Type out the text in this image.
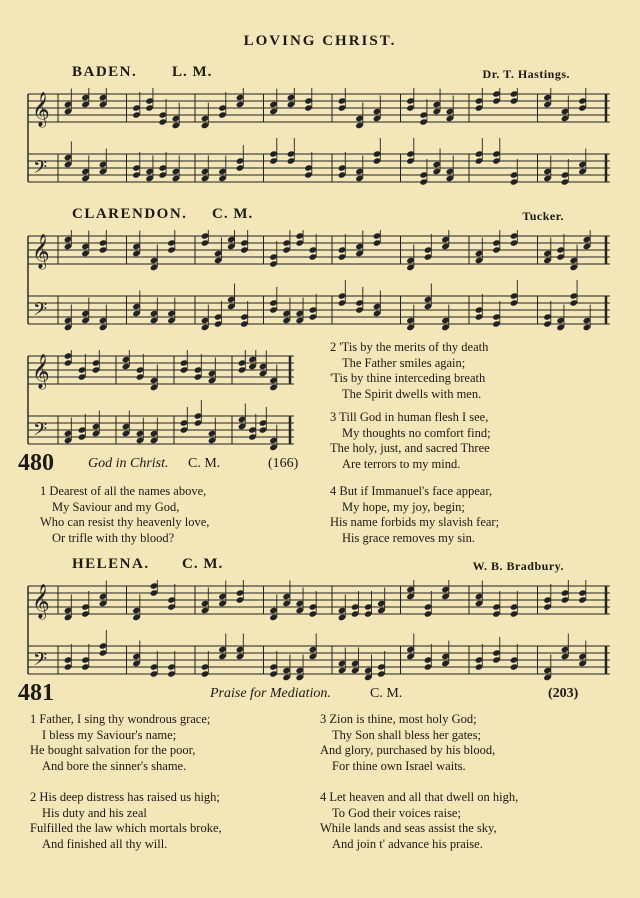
LOVING CHRIST.
BADEN. L. M.	Dr. T. Hastings.
𝄞
𝄢
CLARENDON. C. M.	Tucker.
𝄞
𝄢
𝄞
𝄢
480 God in Christ. C. M.	(166)
1 Dearest of all the names above,
My Saviour and my God,
Who can resist thy heavenly love,
Or trifle with thy blood?
2 'Tis by the merits of thy death
The Father smiles again;
'Tis by thine interceding breath
The Spirit dwells with men.
3 Till God in human flesh I see,
My thoughts no comfort find;
The holy, just, and sacred Three
Are terrors to my mind.
4 But if Immanuel's face appear,
My hope, my joy, begin;
His name forbids my slavish fear;
His grace removes my sin.
HELENA. C. M.	W. B. Bradbury.
𝄞
𝄢
481	Praise for Mediation.	C. M.	(203)
1 Father, I sing thy wondrous grace;
I bless my Saviour's name;
He bought salvation for the poor,
And bore the sinner's shame.
2 His deep distress has raised us high;
His duty and his zeal
Fulfilled the law which mortals broke,
And finished all thy will.
3 Zion is thine, most holy God;
Thy Son shall bless her gates;
And glory, purchased by his blood,
For thine own Israel waits.
4 Let heaven and all that dwell on high,
To God their voices raise;
While lands and seas assist the sky,
And join t' advance his praise.
